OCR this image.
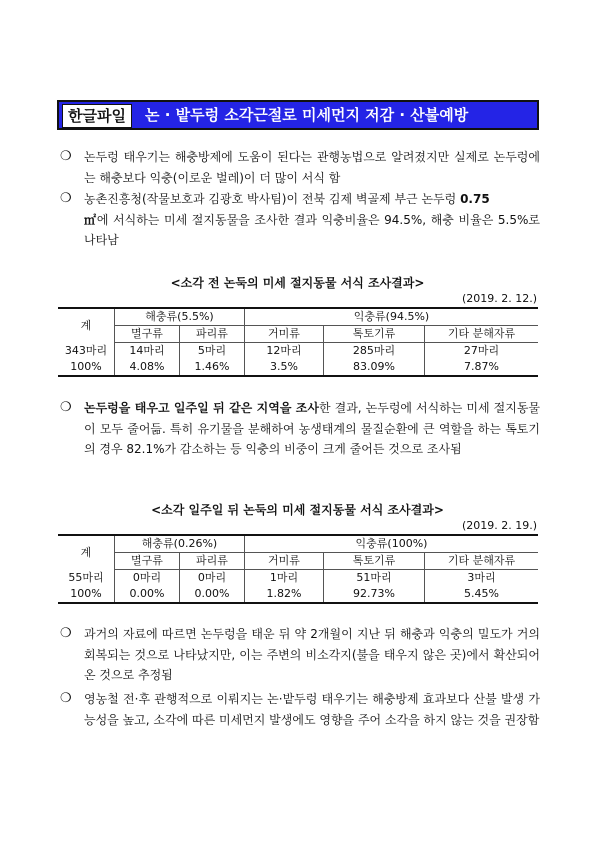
한글파일	논 · 밭두렁 소각근절로 미세먼지 저감 · 산불예방
❍ 논두렁 태우기는 해충방제에 도움이 된다는 관행농법으로 알려졌지만 실제로 논두렁에는 해충보다 익충(이로운 벌레)이 더 많이 서식 함
❍ 농촌진흥청(작물보호과 김광호 박사팀)이 전북 김제 벽골제 부근 논두렁 0.75
㎡에 서식하는 미세 절지동물을 조사한 결과 익충비율은 94.5%, 해충 비율은 5.5%로 나타남
<소각 전 논둑의 미세 절지동물 서식 조사결과>
(2019. 2. 12.)
계	해충류(5.5%)		익충류(94.5%)		
	멸구류	파리류	거미류	톡토기류	기타 분해자류
343마리	14마리	5마리	12마리	285마리	27마리
100%	4.08%	1.46%	3.5%	83.09%	7.87%
❍ 논두렁을 태우고 일주일 뒤 같은 지역을 조사한 결과, 논두렁에 서식하는 미세 절지동물이 모두 줄어듦. 특히 유기물을 분해하여 농생태계의 물질순환에 큰 역할을 하는 톡토기의 경우 82.1%가 감소하는 등 익충의 비중이 크게 줄어든 것으로 조사됨
<소각 일주일 뒤 논둑의 미세 절지동물 서식 조사결과>
(2019. 2. 19.)
계	해충류(0.26%)		익충류(100%)		
	멸구류	파리류	거미류	톡토기류	기타 분해자류
55마리	0마리	0마리	1마리	51마리	3마리
100%	0.00%	0.00%	1.82%	92.73%	5.45%
❍ 과거의 자료에 따르면 논두렁을 태운 뒤 약 2개월이 지난 뒤 해충과 익충의 밀도가 거의 회복되는 것으로 나타났지만, 이는 주변의 비소각지(불을 태우지 않은 곳)에서 확산되어 온 것으로 추정됨
❍ 영농철 전·후 관행적으로 이뤄지는 논·밭두렁 태우기는 해충방제 효과보다 산불 발생 가능성을 높고, 소각에 따른 미세먼지 발생에도 영향을 주어 소각을 하지 않는 것을 권장함
